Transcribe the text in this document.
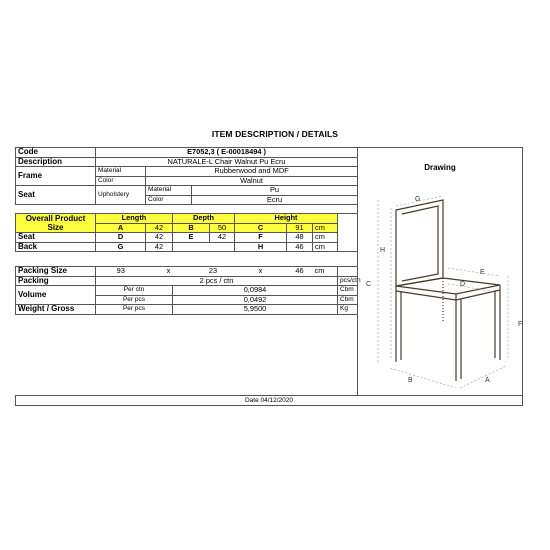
ITEM DESCRIPTION / DETAILS
Code	E7052,3 ( E-00018494 )								
Description	NATURALE-L Chair Walnut Pu Ecru								
Frame	Material	Rubberwood and MDF							
	Color	Walnut							
Seat	Upholstery	Material		Pu					
		Color		Ecru					

Overall Product Size	Length		Depth			Height			
	A	42	B		50	C	91	cm	
Seat	D	42	E		42	F	48	cm	
Back	G	42				H	46	cm	

Packing Size	93	x		23		x	46	cm	
Packing	2 pcs / ctn								pcs/ctn
Volume	Per ctn		0,0984						Cbm
	Per pcs		0,0492						Cbm
Weight / Gross	Per pcs		5,9500						Kg
Drawing
G
H
C
E
D
F
B	A
Date 04/12/2020
